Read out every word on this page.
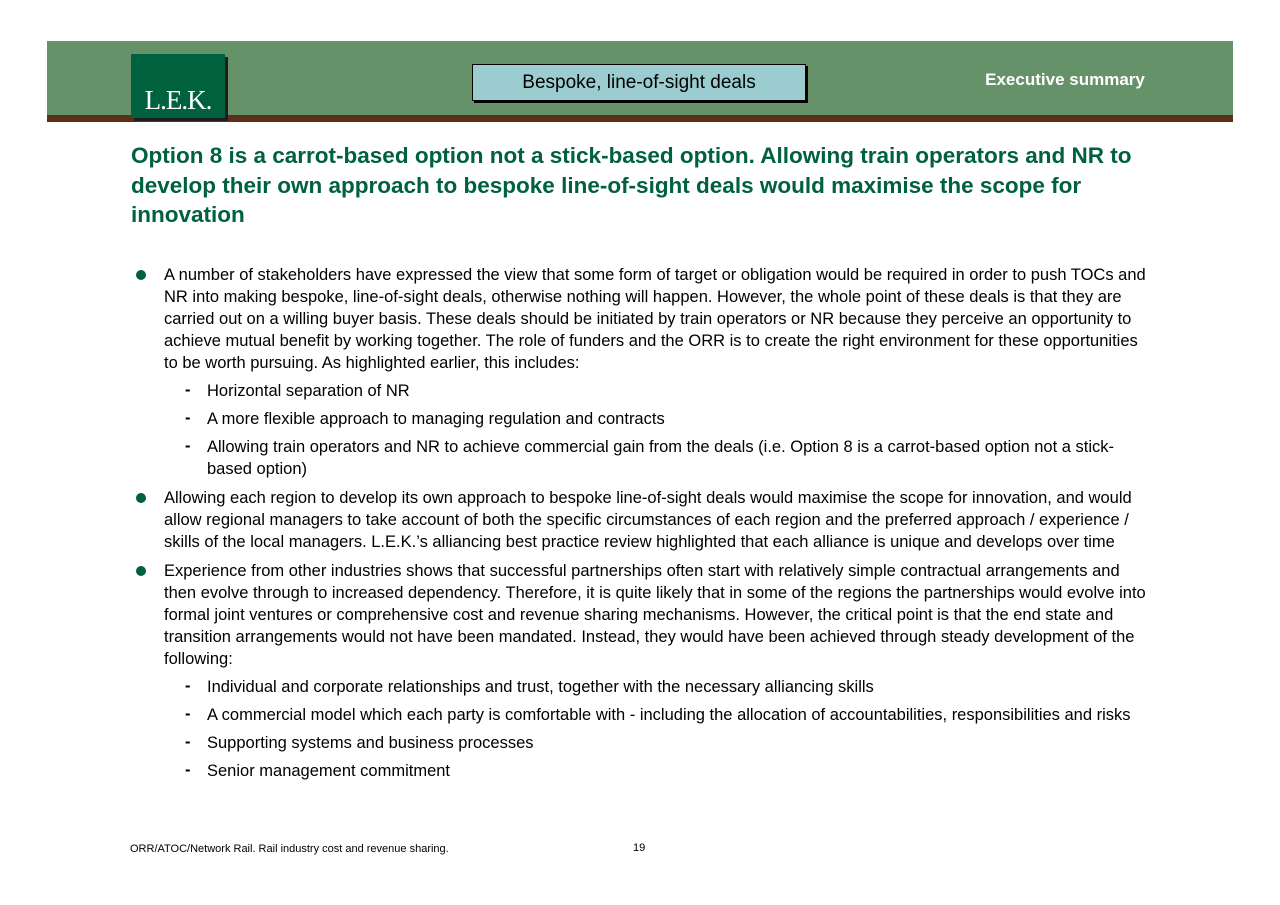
L.E.K.
Bespoke, line-of-sight deals	Executive summary
Option 8 is a carrot-based option not a stick-based option. Allowing train operators and NR to develop their own approach to bespoke line-of-sight deals would maximise the scope for innovation
A number of stakeholders have expressed the view that some form of target or obligation would be required in order to push TOCs and NR into making bespoke, line-of-sight deals, otherwise nothing will happen. However, the whole point of these deals is that they are carried out on a willing buyer basis. These deals should be initiated by train operators or NR because they perceive an opportunity to achieve mutual benefit by working together. The role of funders and the ORR is to create the right environment for these opportunities to be worth pursuing. As highlighted earlier, this includes:
- Horizontal separation of NR
- A more flexible approach to managing regulation and contracts
- Allowing train operators and NR to achieve commercial gain from the deals (i.e. Option 8 is a carrot-based option not a stick-based option)
Allowing each region to develop its own approach to bespoke line-of-sight deals would maximise the scope for innovation, and would allow regional managers to take account of both the specific circumstances of each region and the preferred approach / experience / skills of the local managers. L.E.K.’s alliancing best practice review highlighted that each alliance is unique and develops over time
Experience from other industries shows that successful partnerships often start with relatively simple contractual arrangements and then evolve through to increased dependency. Therefore, it is quite likely that in some of the regions the partnerships would evolve into formal joint ventures or comprehensive cost and revenue sharing mechanisms. However, the critical point is that the end state and transition arrangements would not have been mandated. Instead, they would have been achieved through steady development of the following:
- Individual and corporate relationships and trust, together with the necessary alliancing skills
- A commercial model which each party is comfortable with - including the allocation of accountabilities, responsibilities and risks
- Supporting systems and business processes
- Senior management commitment
ORR/ATOC/Network Rail. Rail industry cost and revenue sharing.	19
